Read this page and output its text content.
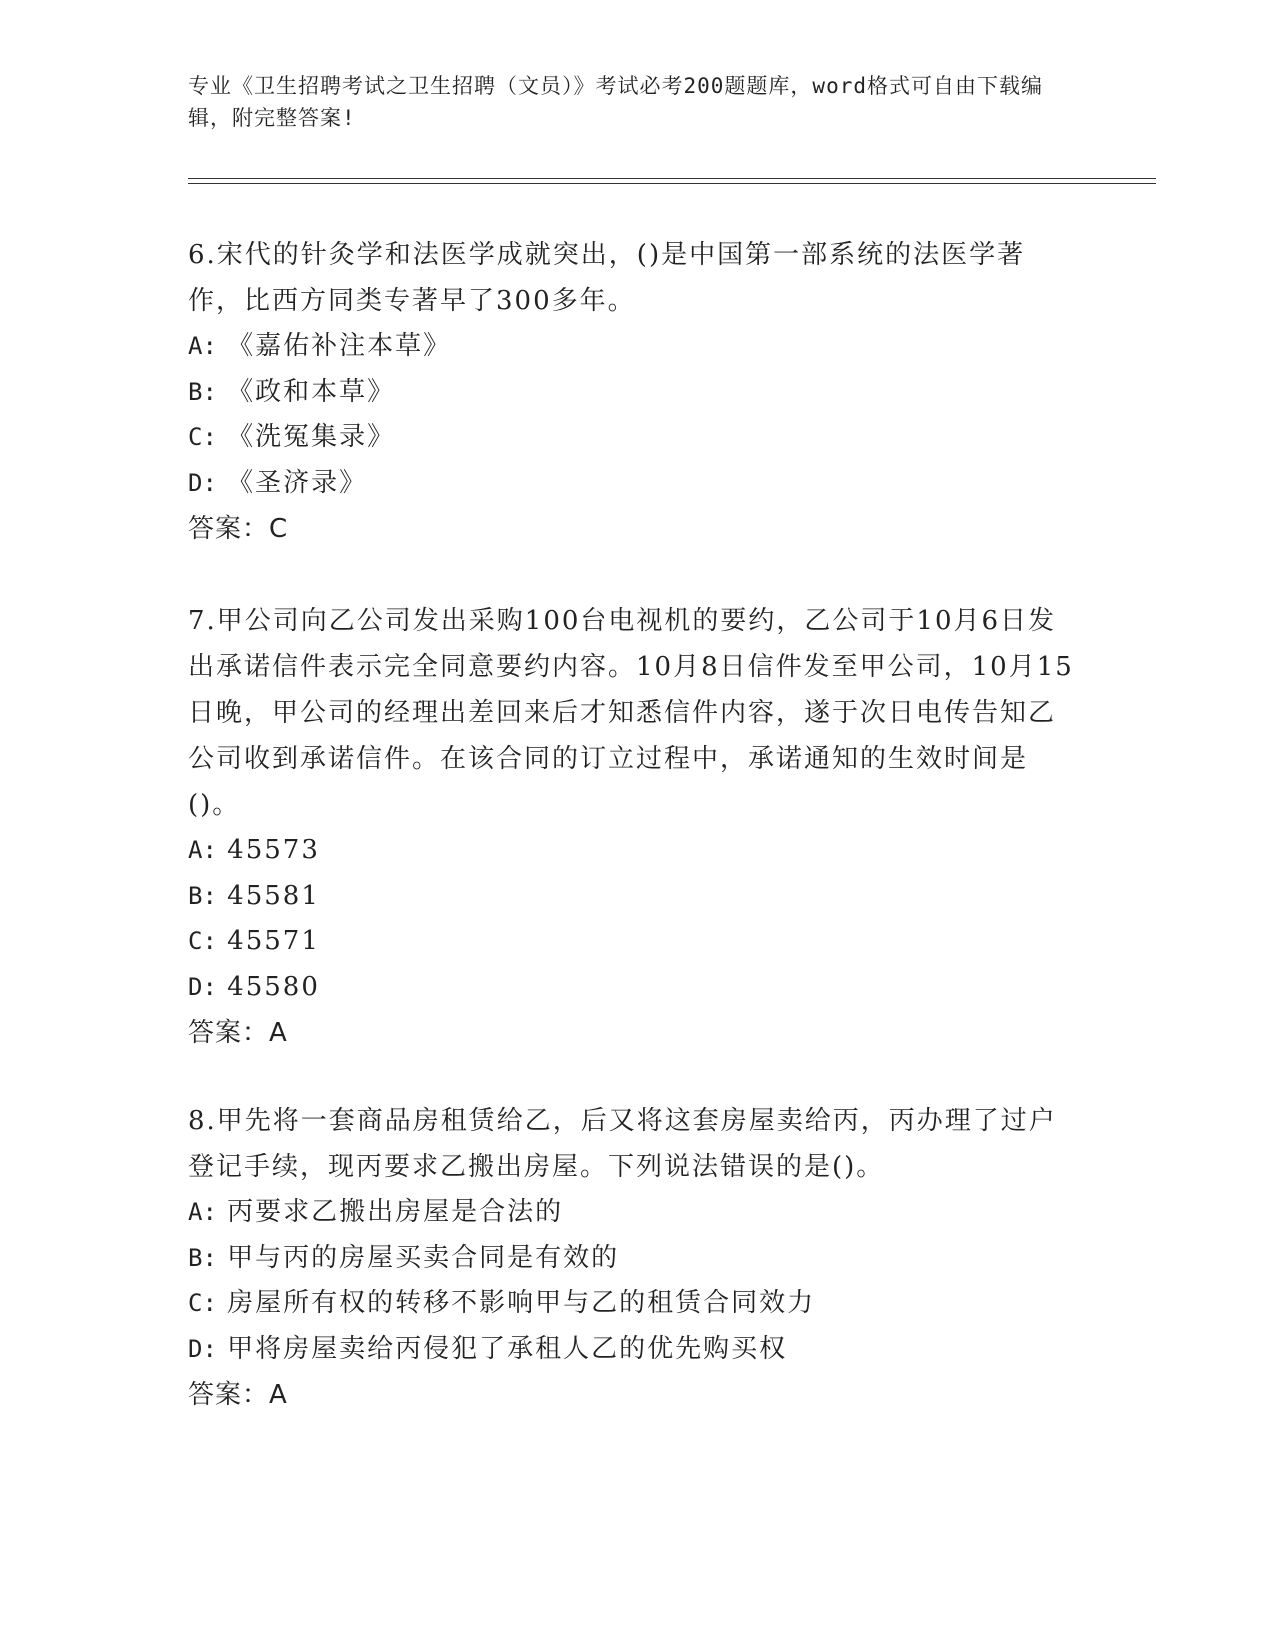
专业《卫生招聘考试之卫生招聘（文员）》考试必考200题题库，word格式可自由下载编辑，附完整答案!
6.宋代的针灸学和法医学成就突出，()是中国第一部系统的法医学著作，比西方同类专著早了300多年。
A: 《嘉佑补注本草》
B: 《政和本草》
C: 《洗冤集录》
D: 《圣济录》
答案：C
7.甲公司向乙公司发出采购100台电视机的要约，乙公司于10月6日发出承诺信件表示完全同意要约内容。10月8日信件发至甲公司，10月15日晚，甲公司的经理出差回来后才知悉信件内容，遂于次日电传告知乙公司收到承诺信件。在该合同的订立过程中，承诺通知的生效时间是()。
A: 45573
B: 45581
C: 45571
D: 45580
答案：A
8.甲先将一套商品房租赁给乙，后又将这套房屋卖给丙，丙办理了过户登记手续，现丙要求乙搬出房屋。下列说法错误的是()。
A: 丙要求乙搬出房屋是合法的
B: 甲与丙的房屋买卖合同是有效的
C: 房屋所有权的转移不影响甲与乙的租赁合同效力
D: 甲将房屋卖给丙侵犯了承租人乙的优先购买权
答案：A
